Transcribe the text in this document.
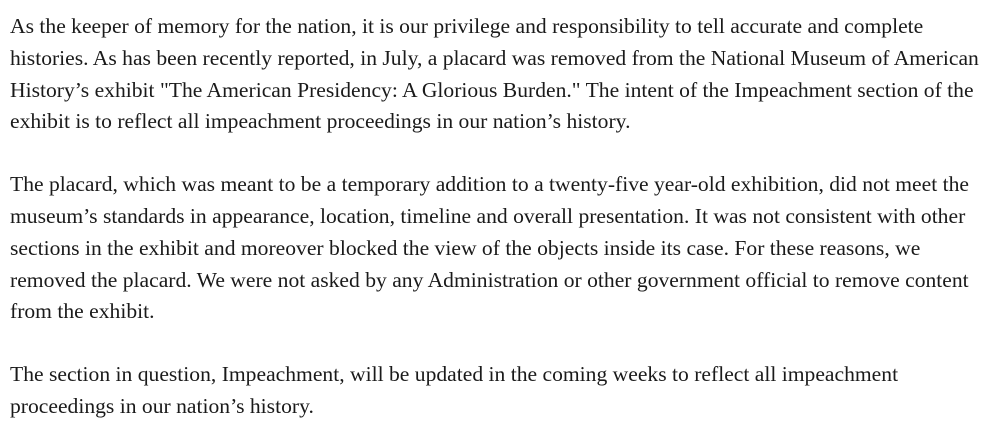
As the keeper of memory for the nation, it is our privilege and responsibility to tell accurate and complete histories. As has been recently reported, in July, a placard was removed from the National Museum of American History’s exhibit "The American Presidency: A Glorious Burden." The intent of the Impeachment section of the exhibit is to reflect all impeachment proceedings in our nation’s history.

The placard, which was meant to be a temporary addition to a twenty-five year-old exhibition, did not meet the museum’s standards in appearance, location, timeline and overall presentation. It was not consistent with other sections in the exhibit and moreover blocked the view of the objects inside its case. For these reasons, we removed the placard. We were not asked by any Administration or other government official to remove content from the exhibit.

The section in question, Impeachment, will be updated in the coming weeks to reflect all impeachment proceedings in our nation’s history.
